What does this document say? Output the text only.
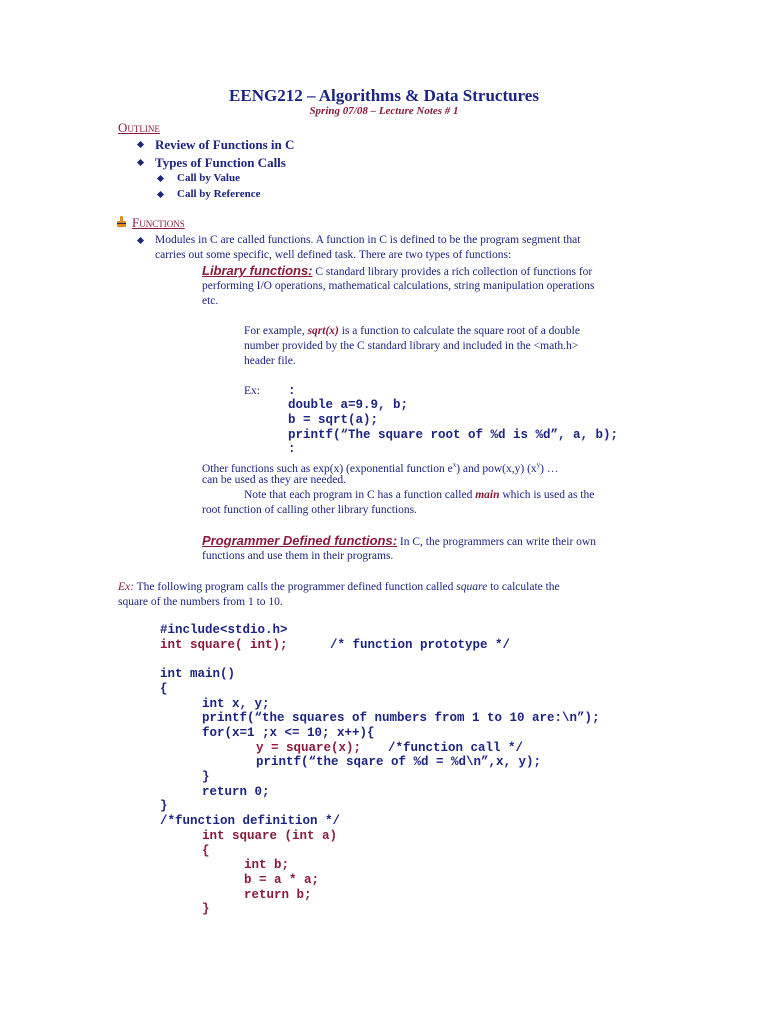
EENG212 – Algorithms & Data Structures
Spring 07/08 – Lecture Notes # 1
Outline
Review of Functions in C
Types of Function Calls
Call by Value
Call by Reference
Functions
Modules in C are called functions. A function in C is defined to be the program segment that
carries out some specific, well defined task. There are two types of functions:
Library functions: C standard library provides a rich collection of functions for
performing I/O operations, mathematical calculations, string manipulation operations
etc.
For example, sqrt(x) is a function to calculate the square root of a double
number provided by the C standard library and included in the <math.h>
header file.
Ex: :
double a=9.9, b;
b = sqrt(a);
printf(“The square root of %d is %d”, a, b);
:
Other functions such as exp(x) (exponential function $e^x$) and pow(x,y) $(x^y)$ …
can be used as they are needed.
Note that each program in C has a function called main which is used as the
root function of calling other library functions.
Programmer Defined functions: In C, the programmers can write their own
functions and use them in their programs.
Ex: The following program calls the programmer defined function called square to calculate the
square of the numbers from 1 to 10.
#include<stdio.h>
int square( int);	/* function prototype */
int main()
{
int x, y;
printf(“the squares of numbers from 1 to 10 are:\n”);
for(x=1 ;x <= 10; x++){
y = square(x); /*function call */
printf(“the sqare of %d = %d\n”,x, y);
}
return 0;
}
/*function definition */
int square (int a)
{
int b;
b = a * a;
return b;
}
